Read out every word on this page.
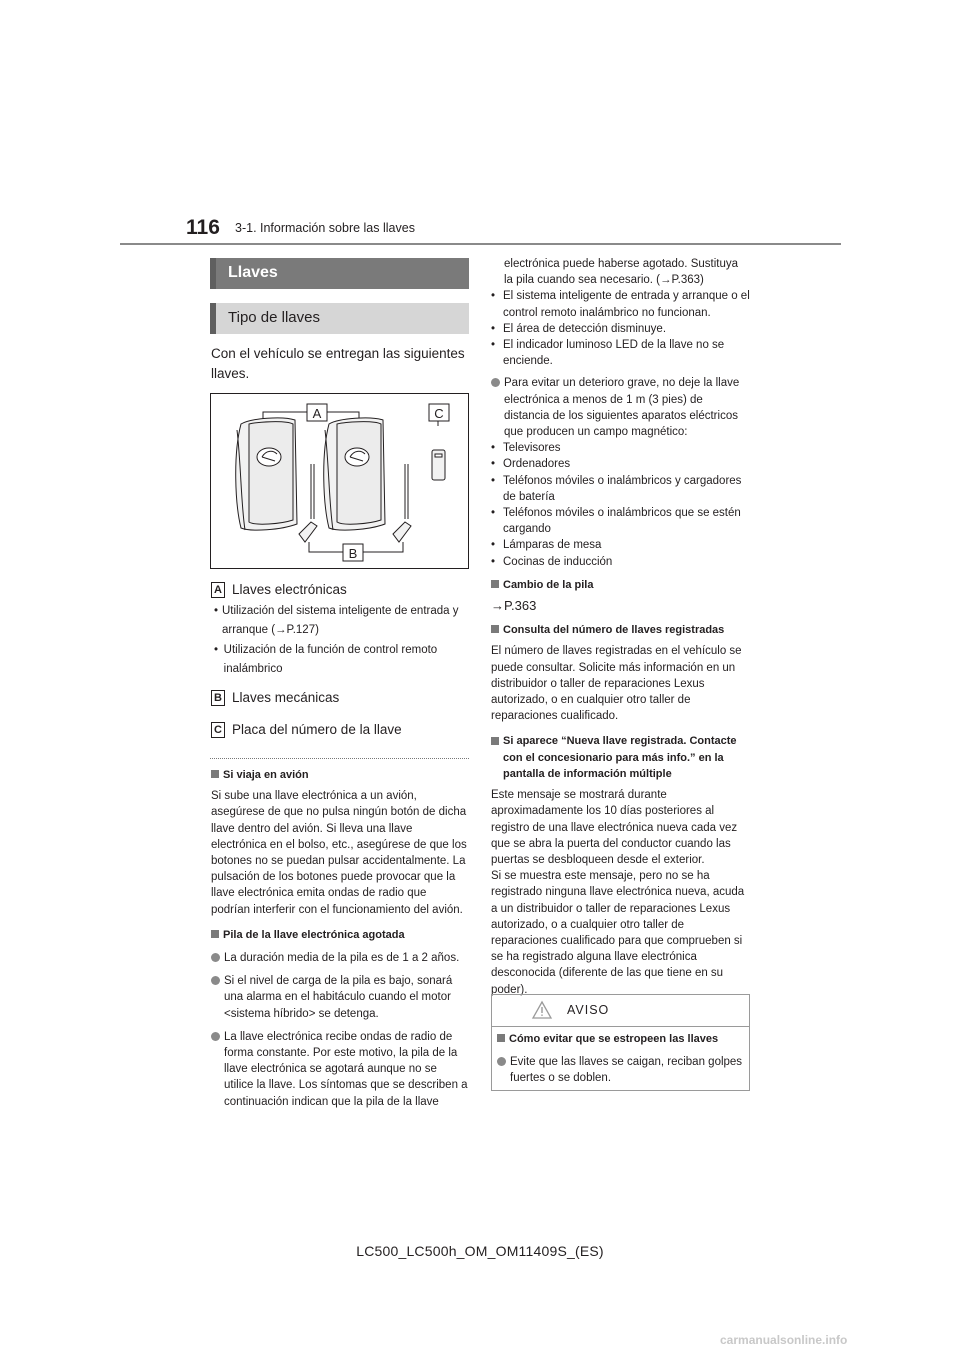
116 3-1. Información sobre las llaves
Llaves
Tipo de llaves
Con el vehículo se entregan las siguientes llaves.
A	C
B
A Llaves electrónicas
• Utilización del sistema inteligente de entrada y arranque (→P.127)
• Utilización de la función de control remoto inalámbrico
B Llaves mecánicas
C Placa del número de la llave
Si viaja en avión
Si sube una llave electrónica a un avión, asegúrese de que no pulsa ningún botón de dicha llave dentro del avión. Si lleva una llave electrónica en el bolso, etc., asegúrese de que los botones no se puedan pulsar accidentalmente. La pulsación de los botones puede provocar que la llave electrónica emita ondas de radio que podrían interferir con el funcionamiento del avión.
Pila de la llave electrónica agotada
La duración media de la pila es de 1 a 2 años.
Si el nivel de carga de la pila es bajo, sonará una alarma en el habitáculo cuando el motor <sistema híbrido> se detenga.
La llave electrónica recibe ondas de radio de forma constante. Por este motivo, la pila de la llave electrónica se agotará aunque no se utilice la llave. Los síntomas que se describen a continuación indican que la pila de la llave
electrónica puede haberse agotado. Sustituya la pila cuando sea necesario. (→P.363)
• El sistema inteligente de entrada y arranque o el control remoto inalámbrico no funcionan.
• El área de detección disminuye.
• El indicador luminoso LED de la llave no se enciende.
Para evitar un deterioro grave, no deje la llave electrónica a menos de 1 m (3 pies) de distancia de los siguientes aparatos eléctricos que producen un campo magnético:
• Televisores
• Ordenadores
• Teléfonos móviles o inalámbricos y cargadores de batería
• Teléfonos móviles o inalámbricos que se estén cargando
• Lámparas de mesa
• Cocinas de inducción
Cambio de la pila
→P.363
Consulta del número de llaves registradas
El número de llaves registradas en el vehículo se puede consultar. Solicite más información en un distribuidor o taller de reparaciones Lexus autorizado, o en cualquier otro taller de reparaciones cualificado.
Si aparece “Nueva llave registrada. Contacte con el concesionario para más info.” en la pantalla de información múltiple
Este mensaje se mostrará durante aproximadamente los 10 días posteriores al registro de una llave electrónica nueva cada vez que se abra la puerta del conductor cuando las puertas se desbloqueen desde el exterior.
Si se muestra este mensaje, pero no se ha registrado ninguna llave electrónica nueva, acuda a un distribuidor o taller de reparaciones Lexus autorizado, o a cualquier otro taller de reparaciones cualificado para que comprueben si se ha registrado alguna llave electrónica desconocida (diferente de las que tiene en su poder).
AVISO
Cómo evitar que se estropeen las llaves
Evite que las llaves se caigan, reciban golpes fuertes o se doblen.
LC500_LC500h_OM_OM11409S_(ES)
carmanualsonline.info
